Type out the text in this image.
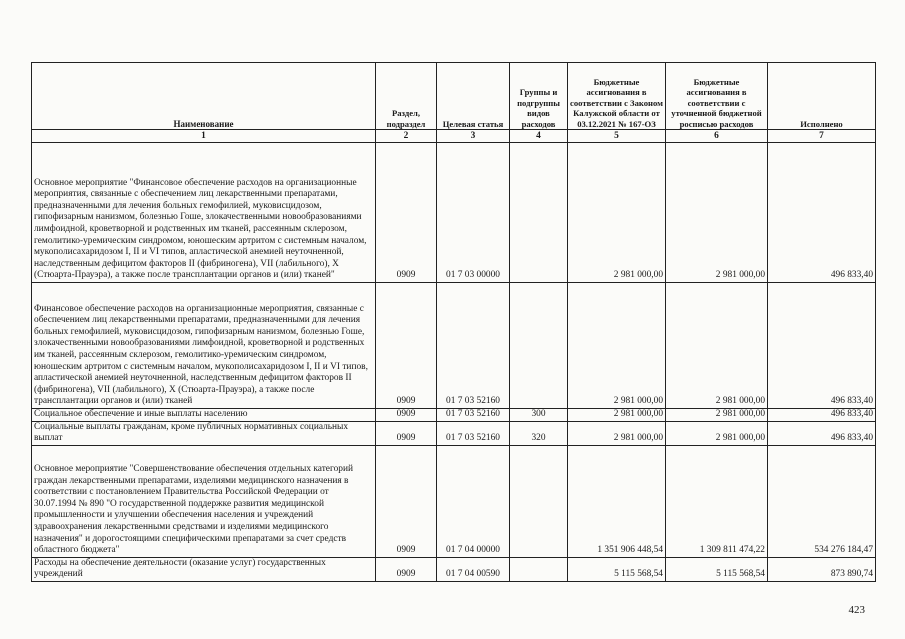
Наименование	Раздел, подраздел	Целевая статья	Группы и подгруппы видов расходов	Бюджетные ассигнования в соответствии с Законом Калужской области от 03.12.2021 № 167-ОЗ	Бюджетные ассигнования в соответствии с уточненной бюджетной росписью расходов	Исполнено
1	2	3	4	5	6	7

Основное мероприятие "Финансовое обеспечение расходов на организационные мероприятия, связанные с обеспечением лиц лекарственными препаратами, предназначенными для лечения больных гемофилией, муковисцидозом, гипофизарным нанизмом, болезнью Гоше, злокачественными новообразованиями лимфоидной, кроветворной и родственных им тканей, рассеянным склерозом, гемолитико-уремическим синдромом, юношеским артритом с системным началом, мукополисахаридозом I, II и VI типов, апластической анемией неуточненной, наследственным дефицитом факторов II (фибриногена), VII (лабильного), X (Стюарта-Прауэра), а также после трансплантации органов и (или) тканей"	0909	01 7 03 00000		2 981 000,00	2 981 000,00	496 833,40

Финансовое обеспечение расходов на организационные мероприятия, связанные с обеспечением лиц лекарственными препаратами, предназначенными для лечения больных гемофилией, муковисцидозом, гипофизарным нанизмом, болезнью Гоше, злокачественными новообразованиями лимфоидной, кроветворной и родственных им тканей, рассеянным склерозом, гемолитико-уремическим синдромом, юношеским артритом с системным началом, мукополисахаридозом I, II и VI типов, апластической анемией неуточненной, наследственным дефицитом факторов II (фибриногена), VII (лабильного), X (Стюарта-Прауэра), а также после трансплантации органов и (или) тканей	0909	01 7 03 52160		2 981 000,00	2 981 000,00	496 833,40
Социальное обеспечение и иные выплаты населению	0909	01 7 03 52160	300	2 981 000,00	2 981 000,00	496 833,40
Социальные выплаты гражданам, кроме публичных нормативных социальных выплат	0909	01 7 03 52160	320	2 981 000,00	2 981 000,00	496 833,40

Основное мероприятие "Совершенствование обеспечения отдельных категорий граждан лекарственными препаратами, изделиями медицинского назначения в соответствии с постановлением Правительства Российской Федерации от 30.07.1994 № 890 "О государственной поддержке развития медицинской промышленности и улучшении обеспечения населения и учреждений здравоохранения лекарственными средствами и изделиями медицинского назначения" и дорогостоящими специфическими препаратами за счет средств областного бюджета"	0909	01 7 04 00000		1 351 906 448,54	1 309 811 474,22	534 276 184,47
Расходы на обеспечение деятельности (оказание услуг) государственных учреждений	0909	01 7 04 00590		5 115 568,54	5 115 568,54	873 890,74
423
